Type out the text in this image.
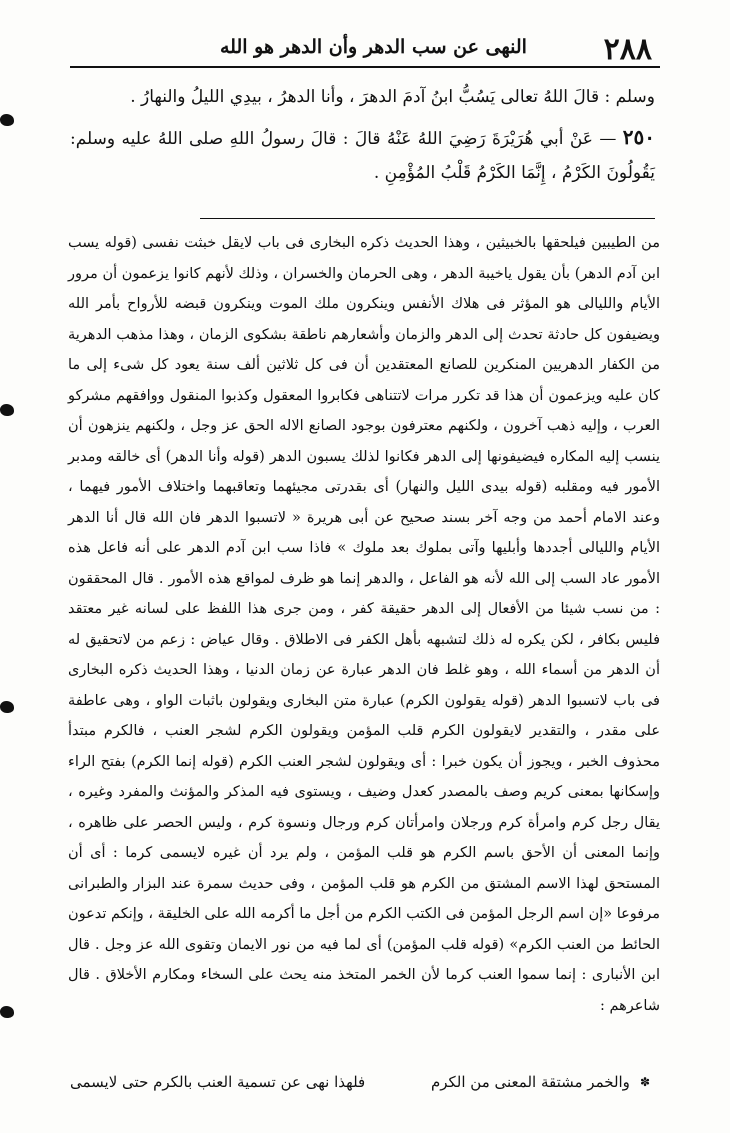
٢٨٨
النهى عن سب الدهر وأن الدهر هو الله
وسلم : قالَ اللهُ تعالى يَسُبُّ ابنُ آدمَ الدهرَ ، وأنا الدهرُ ، بيدِي الليلُ والنهارُ .
٢٥٠ — عَنْ أبي هُرَيْرَةَ رَضِيَ اللهُ عَنْهُ قالَ : قالَ رسولُ اللهِ صلى اللهُ عليه وسلم: يَقُولُونَ الكَرْمُ ، إِنَّمَا الكَرْمُ قَلْبُ المُؤْمِنِ .

من الطيبين فيلحقها بالخبيثين ، وهذا الحديث ذكره البخارى فى باب لايقل خبثت نفسى (قوله يسب ابن آدم الدهر) بأن يقول ياخيبة الدهر ، وهى الحرمان والخسران ، وذلك لأنهم كانوا يزعمون أن مرور الأيام والليالى هو المؤثر فى هلاك الأنفس وينكرون ملك الموت وينكرون قبضه للأرواح بأمر الله ويضيفون كل حادثة تحدث إلى الدهر والزمان وأشعارهم ناطقة بشكوى الزمان ، وهذا مذهب الدهرية من الكفار الدهريين المنكرين للصانع المعتقدين أن فى كل ثلاثين ألف سنة يعود كل شىء إلى ما كان عليه ويزعمون أن هذا قد تكرر مرات لاتتناهى فكابروا المعقول وكذبوا المنقول ووافقهم مشركو العرب ، وإليه ذهب آخرون ، ولكنهم معترفون بوجود الصانع الاله الحق عز وجل ، ولكنهم ينزهون أن ينسب إليه المكاره فيضيفونها إلى الدهر فكانوا لذلك يسبون الدهر (قوله وأنا الدهر) أى خالقه ومدبر الأمور فيه ومقلبه (قوله بيدى الليل والنهار) أى بقدرتى مجيئهما وتعاقبهما واختلاف الأمور فيهما ، وعند الامام أحمد من وجه آخر بسند صحيح عن أبى هريرة « لاتسبوا الدهر فان الله قال أنا الدهر الأيام والليالى أجددها وأبليها وآتى بملوك بعد ملوك » فاذا سب ابن آدم الدهر على أنه فاعل هذه الأمور عاد السب إلى الله لأنه هو الفاعل ، والدهر إنما هو ظرف لمواقع هذه الأمور . قال المحققون : من نسب شيئا من الأفعال إلى الدهر حقيقة كفر ، ومن جرى هذا اللفظ على لسانه غير معتقد فليس بكافر ، لكن يكره له ذلك لتشبهه بأهل الكفر فى الاطلاق . وقال عياض : زعم من لاتحقيق له أن الدهر من أسماء الله ، وهو غلط فان الدهر عبارة عن زمان الدنيا ، وهذا الحديث ذكره البخارى فى باب لاتسبوا الدهر (قوله يقولون الكرم) عبارة متن البخارى ويقولون باثبات الواو ، وهى عاطفة على مقدر ، والتقدير لايقولون الكرم قلب المؤمن ويقولون الكرم لشجر العنب ، فالكرم مبتدأ محذوف الخبر ، ويجوز أن يكون خبرا : أى ويقولون لشجر العنب الكرم (قوله إنما الكرم) بفتح الراء وإسكانها بمعنى كريم وصف بالمصدر كعدل وضيف ، ويستوى فيه المذكر والمؤنث والمفرد وغيره ، يقال رجل كرم وامرأة كرم ورجلان وامرأتان كرم ورجال ونسوة كرم ، وليس الحصر على ظاهره ، وإنما المعنى أن الأحق باسم الكرم هو قلب المؤمن ، ولم يرد أن غيره لايسمى كرما : أى أن المستحق لهذا الاسم المشتق من الكرم هو قلب المؤمن ، وفى حديث سمرة عند البزار والطبرانى مرفوعا «إن اسم الرجل المؤمن فى الكتب الكرم من أجل ما أكرمه الله على الخليقة ، وإنكم تدعون الحائط من العنب الكرم» (قوله قلب المؤمن) أى لما فيه من نور الايمان وتقوى الله عز وجل . قال ابن الأنبارى : إنما سموا العنب كرما لأن الخمر المتخذ منه يحث على السخاء ومكارم الأخلاق . قال شاعرهم :

✽
والخمر مشتقة المعنى من الكرم
فلهذا نهى عن تسمية العنب بالكرم حتى لايسمى
